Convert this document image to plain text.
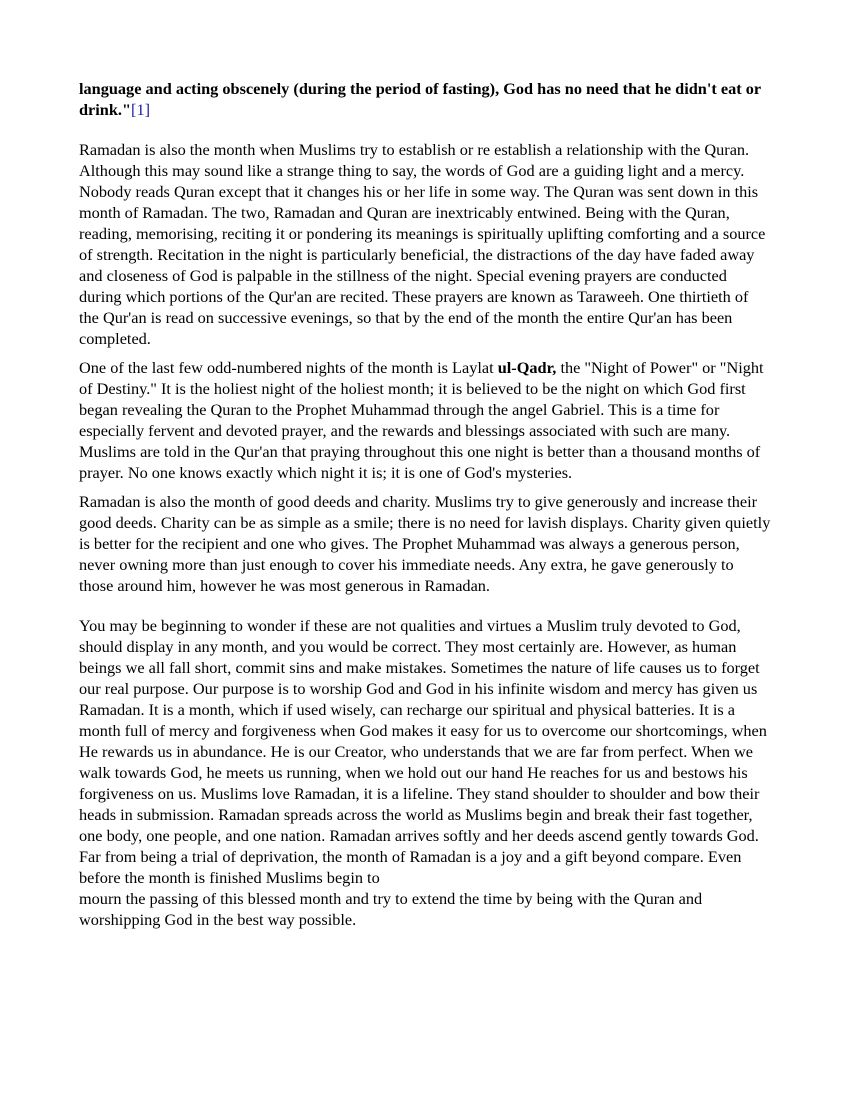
language and acting obscenely (during the period of fasting), God has no need that he didn't eat or drink."[1]

Ramadan is also the month when Muslims try to establish or re establish a relationship with the Quran. Although this may sound like a strange thing to say, the words of God are a guiding light and a mercy. Nobody reads Quran except that it changes his or her life in some way. The Quran was sent down in this month of Ramadan. The two, Ramadan and Quran are inextricably entwined. Being with the Quran, reading, memorising, reciting it or pondering its meanings is spiritually uplifting comforting and a source of strength. Recitation in the night is particularly beneficial, the distractions of the day have faded away and closeness of God is palpable in the stillness of the night. Special evening prayers are conducted during which portions of the Qur'an are recited. These prayers are known as Taraweeh. One thirtieth of the Qur'an is read on successive evenings, so that by the end of the month the entire Qur'an has been completed.

One of the last few odd-numbered nights of the month is Laylat ul-Qadr, the "Night of Power" or "Night of Destiny." It is the holiest night of the holiest month; it is believed to be the night on which God first began revealing the Quran to the Prophet Muhammad through the angel Gabriel. This is a time for especially fervent and devoted prayer, and the rewards and blessings associated with such are many. Muslims are told in the Qur'an that praying throughout this one night is better than a thousand months of prayer. No one knows exactly which night it is; it is one of God's mysteries.

Ramadan is also the month of good deeds and charity. Muslims try to give generously and increase their good deeds. Charity can be as simple as a smile; there is no need for lavish displays. Charity given quietly is better for the recipient and one who gives. The Prophet Muhammad was always a generous person, never owning more than just enough to cover his immediate needs. Any extra, he gave generously to those around him, however he was most generous in Ramadan.

You may be beginning to wonder if these are not qualities and virtues a Muslim truly devoted to God, should display in any month, and you would be correct. They most certainly are. However, as human beings we all fall short, commit sins and make mistakes. Sometimes the nature of life causes us to forget our real purpose. Our purpose is to worship God and God in his infinite wisdom and mercy has given us Ramadan. It is a month, which if used wisely, can recharge our spiritual and physical batteries. It is a month full of mercy and forgiveness when God makes it easy for us to overcome our shortcomings, when He rewards us in abundance. He is our Creator, who understands that we are far from perfect. When we walk towards God, he meets us running, when we hold out our hand He reaches for us and bestows his forgiveness on us. Muslims love Ramadan, it is a lifeline. They stand shoulder to shoulder and bow their heads in submission. Ramadan spreads across the world as Muslims begin and break their fast together, one body, one people, and one nation. Ramadan arrives softly and her deeds ascend gently towards God. Far from being a trial of deprivation, the month of Ramadan is a joy and a gift beyond compare. Even before the month is finished Muslims begin to
mourn the passing of this blessed month and try to extend the time by being with the Quran and worshipping God in the best way possible.
